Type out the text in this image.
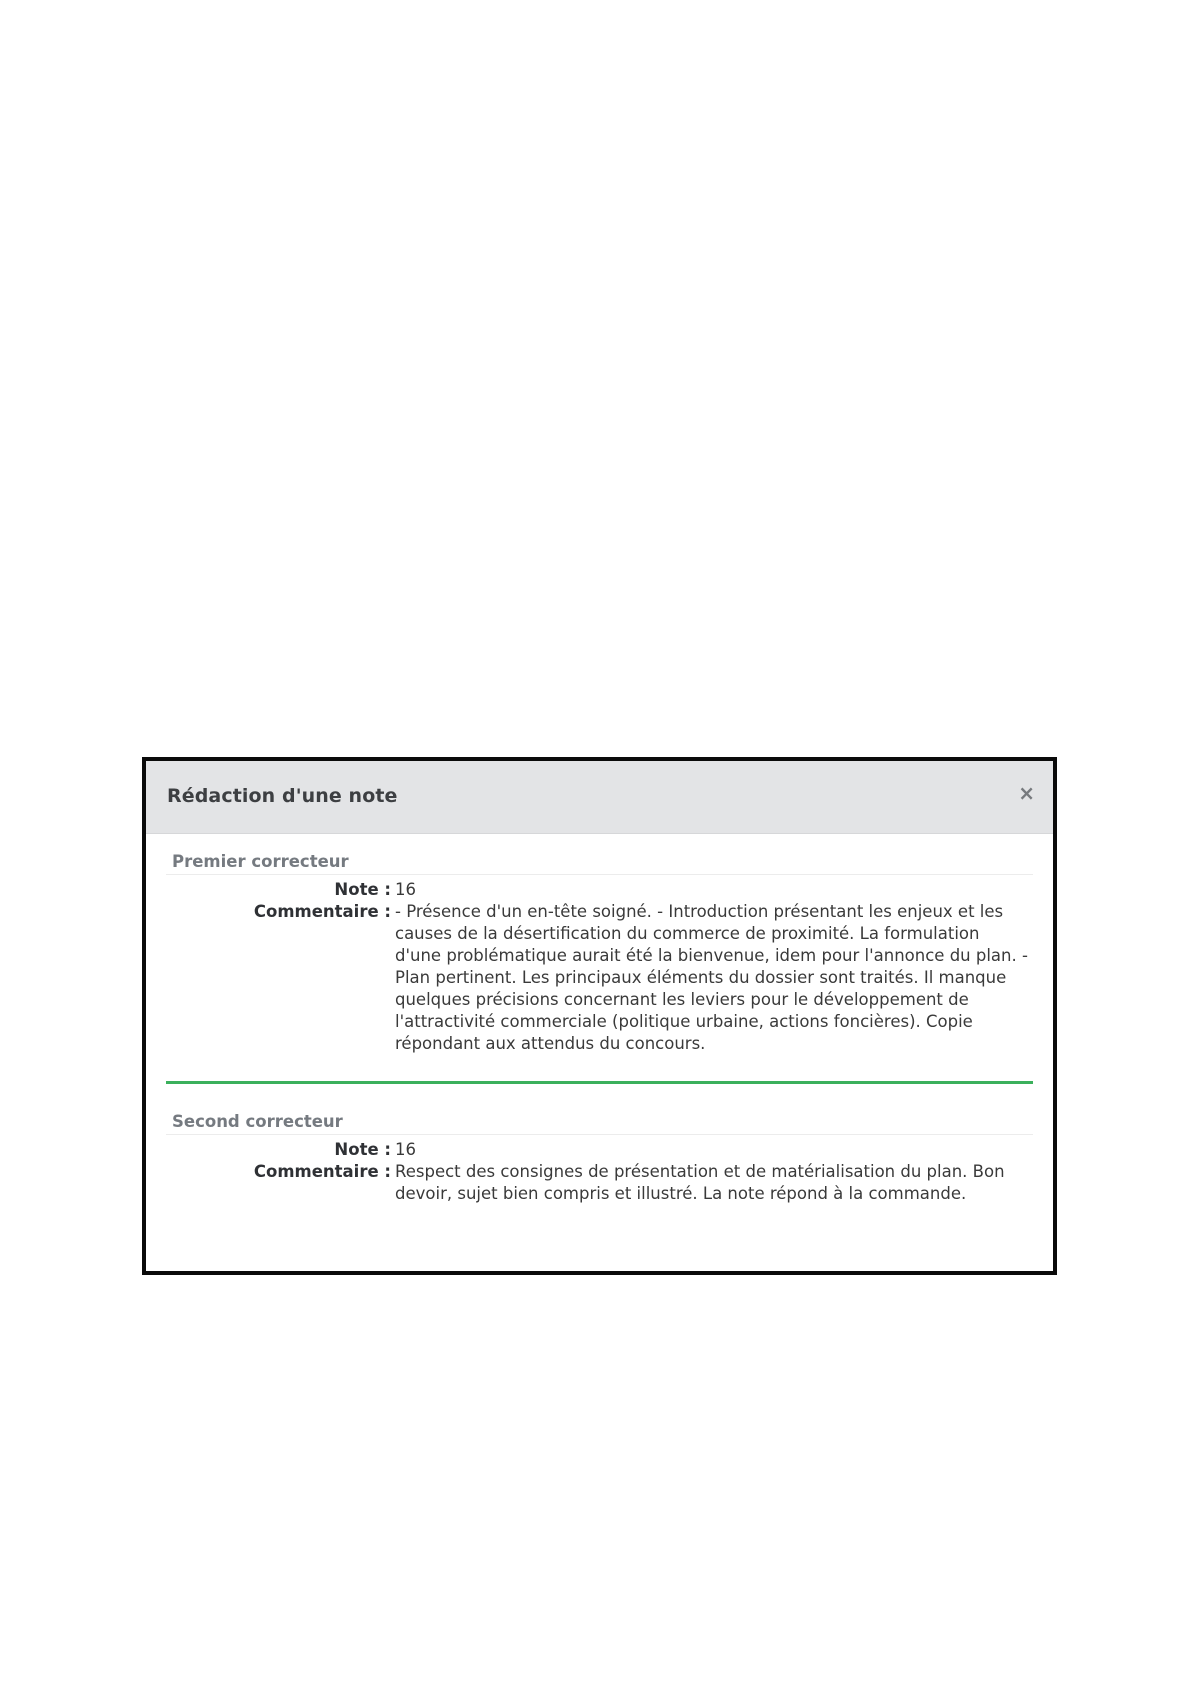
Rédaction d'une note	×
Premier correcteur
Note : 16
Commentaire : - Présence d'un en-tête soigné. - Introduction présentant les enjeux et les causes de la désertification du commerce de proximité. La formulation d'une problématique aurait été la bienvenue, idem pour l'annonce du plan. - Plan pertinent. Les principaux éléments du dossier sont traités. Il manque quelques précisions concernant les leviers pour le développement de l'attractivité commerciale (politique urbaine, actions foncières). Copie répondant aux attendus du concours.
Second correcteur
Note : 16
Commentaire : Respect des consignes de présentation et de matérialisation du plan. Bon devoir, sujet bien compris et illustré. La note répond à la commande.
